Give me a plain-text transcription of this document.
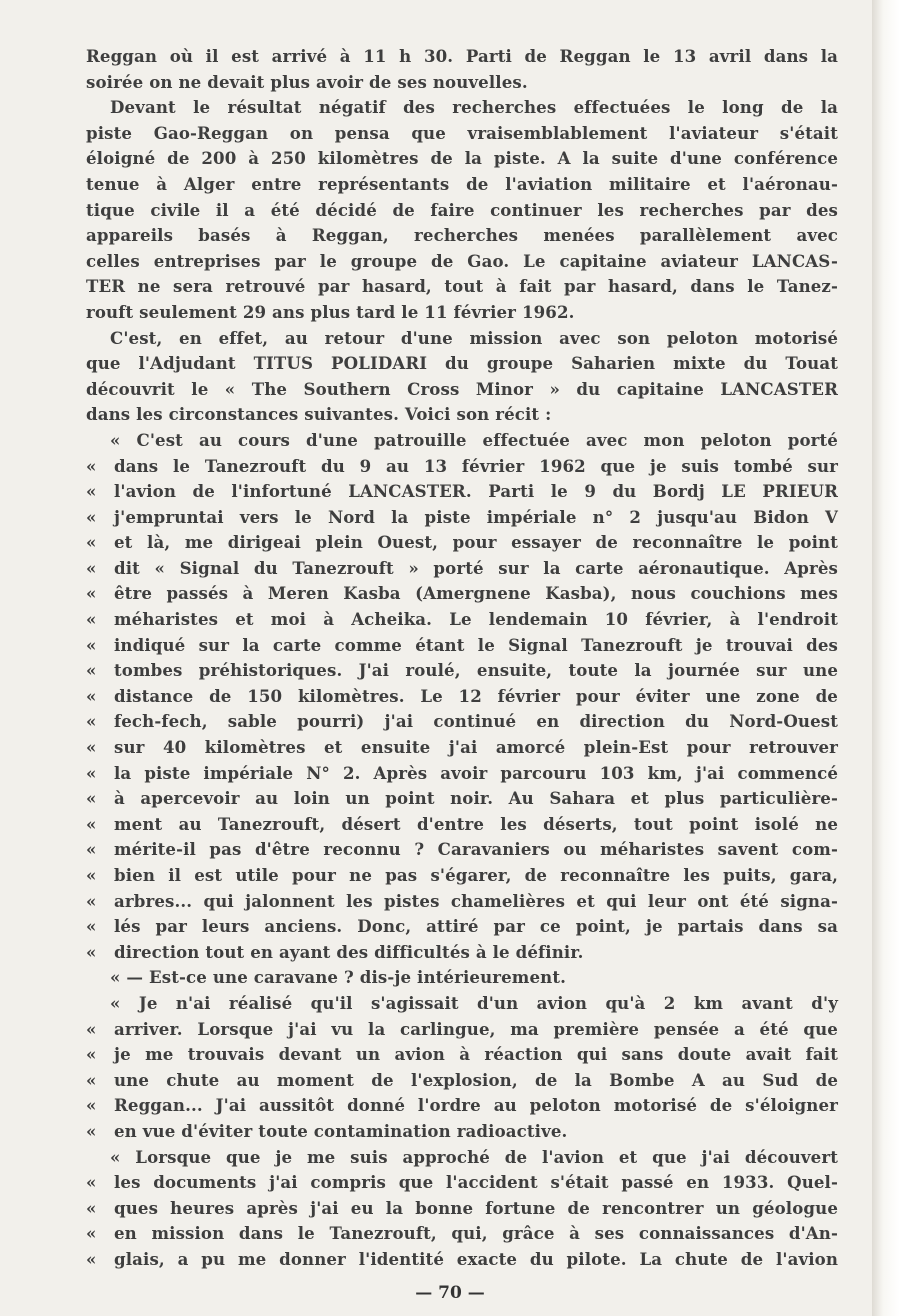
Reggan où il est arrivé à 11 h 30. Parti de Reggan le 13 avril dans la
soirée on ne devait plus avoir de ses nouvelles.
Devant le résultat négatif des recherches effectuées le long de la
piste Gao-Reggan on pensa que vraisemblablement l'aviateur s'était
éloigné de 200 à 250 kilomètres de la piste. A la suite d'une conférence
tenue à Alger entre représentants de l'aviation militaire et l'aéronau-
tique civile il a été décidé de faire continuer les recherches par des
appareils basés à Reggan, recherches menées parallèlement avec
celles entreprises par le groupe de Gao. Le capitaine aviateur LANCAS-
TER ne sera retrouvé par hasard, tout à fait par hasard, dans le Tanez-
rouft seulement 29 ans plus tard le 11 février 1962.
C'est, en effet, au retour d'une mission avec son peloton motorisé
que l'Adjudant TITUS POLIDARI du groupe Saharien mixte du Touat
découvrit le « The Southern Cross Minor » du capitaine LANCASTER
dans les circonstances suivantes. Voici son récit :
« C'est au cours d'une patrouille effectuée avec mon peloton porté
«	dans le Tanezrouft du 9 au 13 février 1962 que je suis tombé sur
«	l'avion de l'infortuné LANCASTER. Parti le 9 du Bordj LE PRIEUR
«	j'empruntai vers le Nord la piste impériale n° 2 jusqu'au Bidon V
«	et là, me dirigeai plein Ouest, pour essayer de reconnaître le point
«	dit « Signal du Tanezrouft » porté sur la carte aéronautique. Après
«	être passés à Meren Kasba (Amergnene Kasba), nous couchions mes
«	méharistes et moi à Acheika. Le lendemain 10 février, à l'endroit
«	indiqué sur la carte comme étant le Signal Tanezrouft je trouvai des
«	tombes préhistoriques. J'ai roulé, ensuite, toute la journée sur une
«	distance de 150 kilomètres. Le 12 février pour éviter une zone de
«	fech-fech, sable pourri) j'ai continué en direction du Nord-Ouest
«	sur 40 kilomètres et ensuite j'ai amorcé plein-Est pour retrouver
«	la piste impériale N° 2. Après avoir parcouru 103 km, j'ai commencé
«	à apercevoir au loin un point noir. Au Sahara et plus particulière-
«	ment au Tanezrouft, désert d'entre les déserts, tout point isolé ne
«	mérite-il pas d'être reconnu ? Caravaniers ou méharistes savent com-
«	bien il est utile pour ne pas s'égarer, de reconnaître les puits, gara,
«	arbres... qui jalonnent les pistes chamelières et qui leur ont été signa-
«	lés par leurs anciens. Donc, attiré par ce point, je partais dans sa
«	direction tout en ayant des difficultés à le définir.
« — Est-ce une caravane ? dis-je intérieurement.
« Je n'ai réalisé qu'il s'agissait d'un avion qu'à 2 km avant d'y
«	arriver. Lorsque j'ai vu la carlingue, ma première pensée a été que
«	je me trouvais devant un avion à réaction qui sans doute avait fait
«	une chute au moment de l'explosion, de la Bombe A au Sud de
«	Reggan... J'ai aussitôt donné l'ordre au peloton motorisé de s'éloigner
«	en vue d'éviter toute contamination radioactive.
« Lorsque que je me suis approché de l'avion et que j'ai découvert
«	les documents j'ai compris que l'accident s'était passé en 1933. Quel-
«	ques heures après j'ai eu la bonne fortune de rencontrer un géologue
«	en mission dans le Tanezrouft, qui, grâce à ses connaissances d'An-
«	glais, a pu me donner l'identité exacte du pilote. La chute de l'avion
— 70 —
